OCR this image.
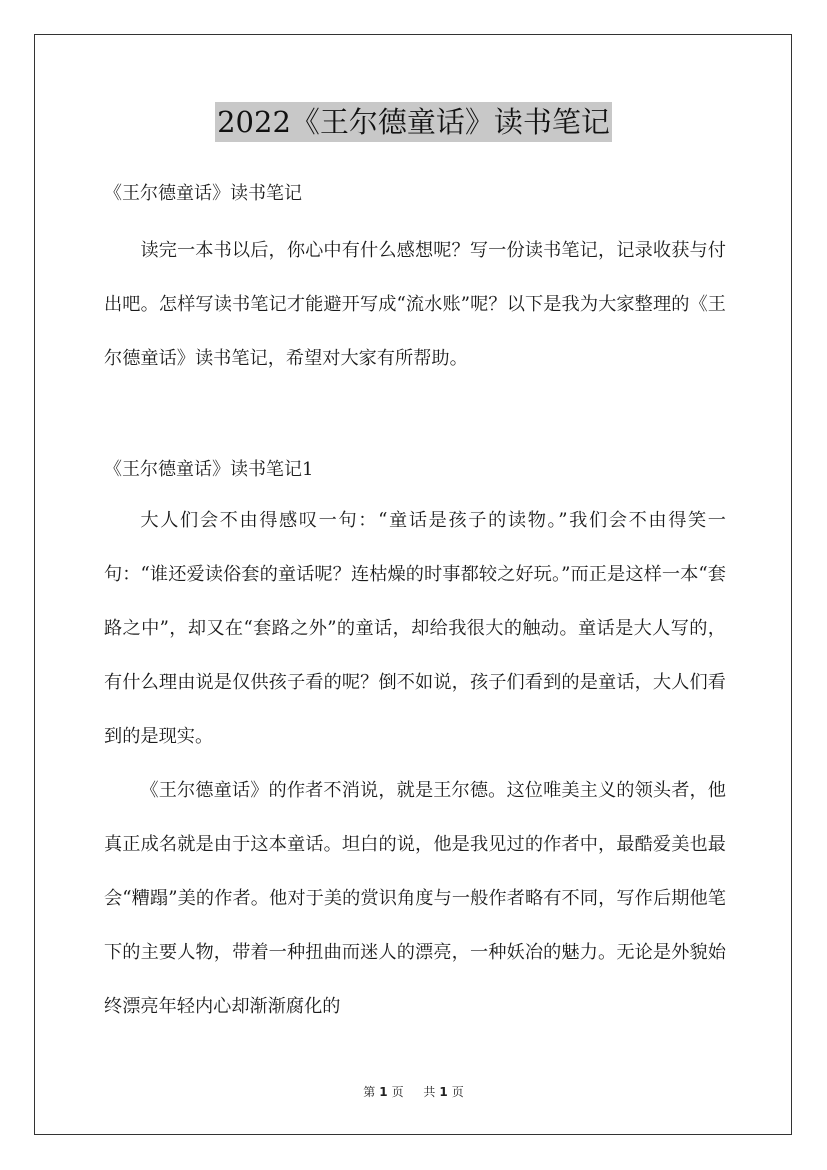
2022《王尔德童话》读书笔记

《王尔德童话》读书笔记

读完一本书以后，你心中有什么感想呢？写一份读书笔记，记录收获与付出吧。怎样写读书笔记才能避开写成“流水账”呢？以下是我为大家整理的《王尔德童话》读书笔记，希望对大家有所帮助。

《王尔德童话》读书笔记1

大人们会不由得感叹一句：“童话是孩子的读物。”我们会不由得笑一句：“谁还爱读俗套的童话呢？连枯燥的时事都较之好玩。”而正是这样一本“套路之中”，却又在“套路之外”的童话，却给我很大的触动。童话是大人写的，有什么理由说是仅供孩子看的呢？倒不如说，孩子们看到的是童话，大人们看到的是现实。

《王尔德童话》的作者不消说，就是王尔德。这位唯美主义的领头者，他真正成名就是由于这本童话。坦白的说，他是我见过的作者中，最酷爱美也最会“糟蹋”美的作者。他对于美的赏识角度与一般作者略有不同，写作后期他笔下的主要人物，带着一种扭曲而迷人的漂亮，一种妖冶的魅力。无论是外貌始终漂亮年轻内心却渐渐腐化的

第 1 页 共 1 页
